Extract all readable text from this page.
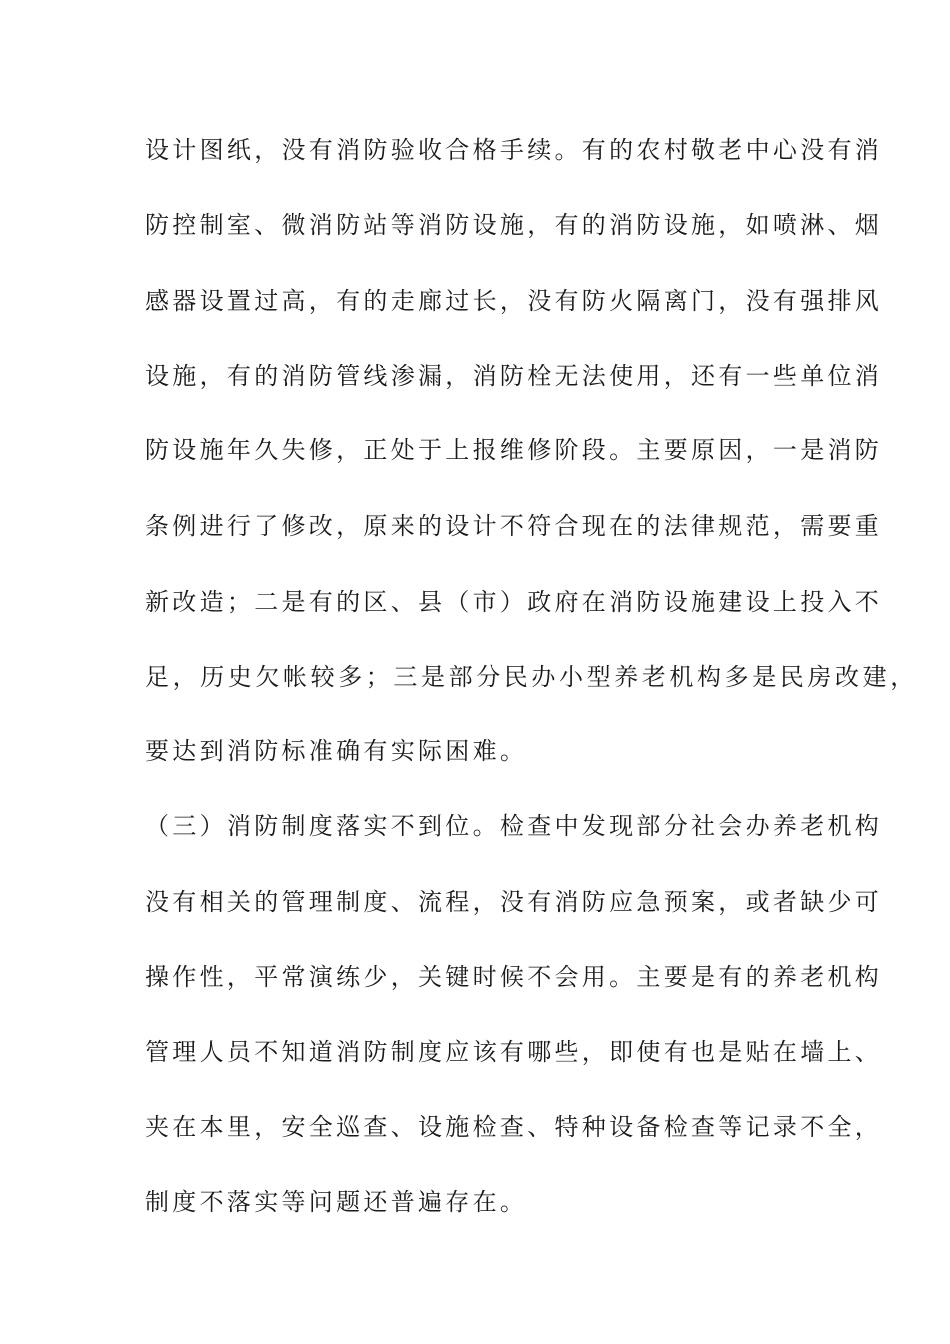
设计图纸，没有消防验收合格手续。有的农村敬老中心没有消
防控制室、微消防站等消防设施，有的消防设施，如喷淋、烟
感器设置过高，有的走廊过长，没有防火隔离门，没有强排风
设施，有的消防管线渗漏，消防栓无法使用，还有一些单位消
防设施年久失修，正处于上报维修阶段。主要原因，一是消防
条例进行了修改，原来的设计不符合现在的法律规范，需要重
新改造；二是有的区、县（市）政府在消防设施建设上投入不
足，历史欠帐较多；三是部分民办小型养老机构多是民房改建，
要达到消防标准确有实际困难。
（三）消防制度落实不到位。检查中发现部分社会办养老机构
没有相关的管理制度、流程，没有消防应急预案，或者缺少可
操作性，平常演练少，关键时候不会用。主要是有的养老机构
管理人员不知道消防制度应该有哪些，即使有也是贴在墙上、
夹在本里，安全巡查、设施检查、特种设备检查等记录不全，
制度不落实等问题还普遍存在。
